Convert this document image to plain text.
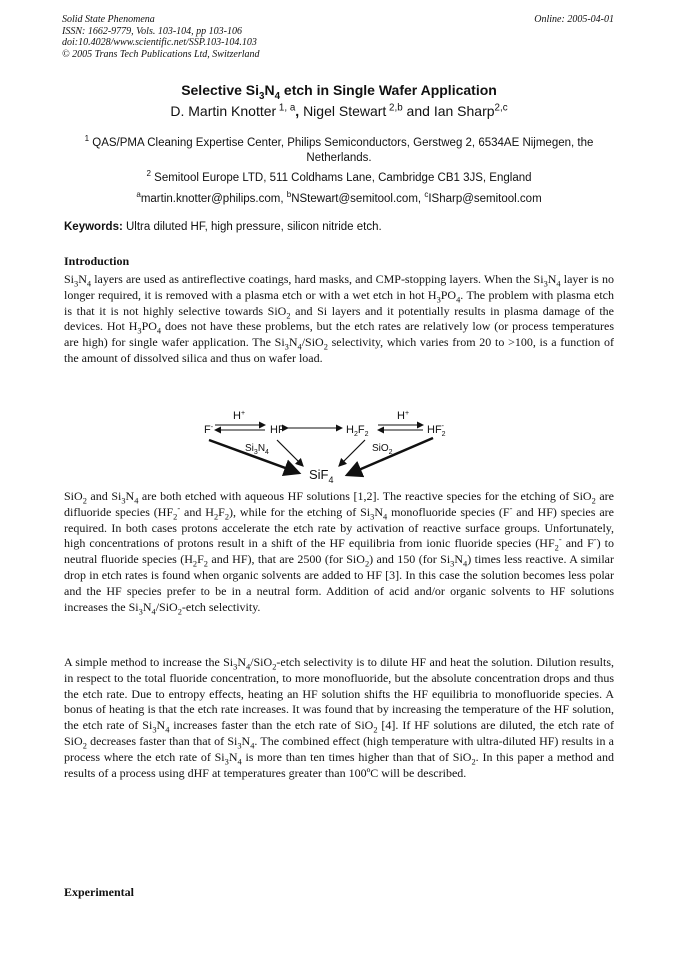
Solid State Phenomena
ISSN: 1662-9779, Vols. 103-104, pp 103-106
doi:10.4028/www.scientific.net/SSP.103-104.103
© 2005 Trans Tech Publications Ltd, Switzerland
Online: 2005-04-01
Selective $Si_3N_4$ etch in Single Wafer Application
D. Martin Knotter $^{1, a}$, Nigel Stewart $^{2,b}$ and Ian Sharp$^{2,c}$
$^1$ QAS/PMA Cleaning Expertise Center, Philips Semiconductors, Gerstweg 2, 6534AE Nijmegen, the Netherlands.
$^2$ Semitool Europe LTD, 511 Coldhams Lane, Cambridge CB1 3JS, England
$^a$martin.knotter@philips.com, $^b$NStewart@semitool.com, $^c$ISharp@semitool.com
Keywords: Ultra diluted HF, high pressure, silicon nitride etch.
Introduction
$Si_3N_4$ layers are used as antireflective coatings, hard masks, and CMP-stopping layers. When the $Si_3N_4$ layer is no longer required, it is removed with a plasma etch or with a wet etch in hot $H_3PO_4$. The problem with plasma etch is that it is not highly selective towards SiO$_2$ and Si layers and it potentially results in plasma damage of the devices. Hot $H_3PO_4$ does not have these problems, but the etch rates are relatively low (or process temperatures are high) for single wafer application. The $Si_3N_4/SiO_2$ selectivity, which varies from 20 to >100, is a function of the amount of dissolved silica and thus on wafer load.
H+	H+
F-	HF	$H_2F_2$	$HF_2-$
$Si_3N_4$	SiO$_2$
SiF$_4$
SiO$_2$ and $Si_3N_4$ are both etched with aqueous HF solutions [1,2]. The reactive species for the etching of SiO$_2$ are difluoride species ($HF_2^-$ and $H_2F_2$), while for the etching of $Si_3N_4$ monofluoride species (F- and HF) species are required. In both cases protons accelerate the etch rate by activation of reactive surface groups. Unfortunately, high concentrations of protons result in a shift of the HF equilibria from ionic fluoride species ($HF_2^-$ and F-) to neutral fluoride species ($H_2F_2$ and HF), that are 2500 (for SiO$_2$) and 150 (for $Si_3N_4$) times less reactive. A similar drop in etch rates is found when organic solvents are added to HF [3]. In this case the solution becomes less polar and the HF species prefer to be in a neutral form. Addition of acid and/or organic solvents to HF solutions increases the $Si_3N_4/SiO_2$-etch selectivity.
A simple method to increase the $Si_3N_4/SiO_2$-etch selectivity is to dilute HF and heat the solution. Dilution results, in respect to the total fluoride concentration, to more monofluoride, but the absolute concentration drops and thus the etch rate. Due to entropy effects, heating an HF solution shifts the HF equilibria to monofluoride species. A bonus of heating is that the etch rate increases. It was found that by increasing the temperature of the HF solution, the etch rate of $Si_3N_4$ increases faster than the etch rate of SiO$_2$ [4]. If HF solutions are diluted, the etch rate of SiO$_2$ decreases faster than that of $Si_3N_4$. The combined effect (high temperature with ultra-diluted HF) results in a process where the etch rate of $Si_3N_4$ is more than ten times higher than that of SiO$_2$. In this paper a method and results of a process using dHF at temperatures greater than 100ºC will be described.
Experimental
